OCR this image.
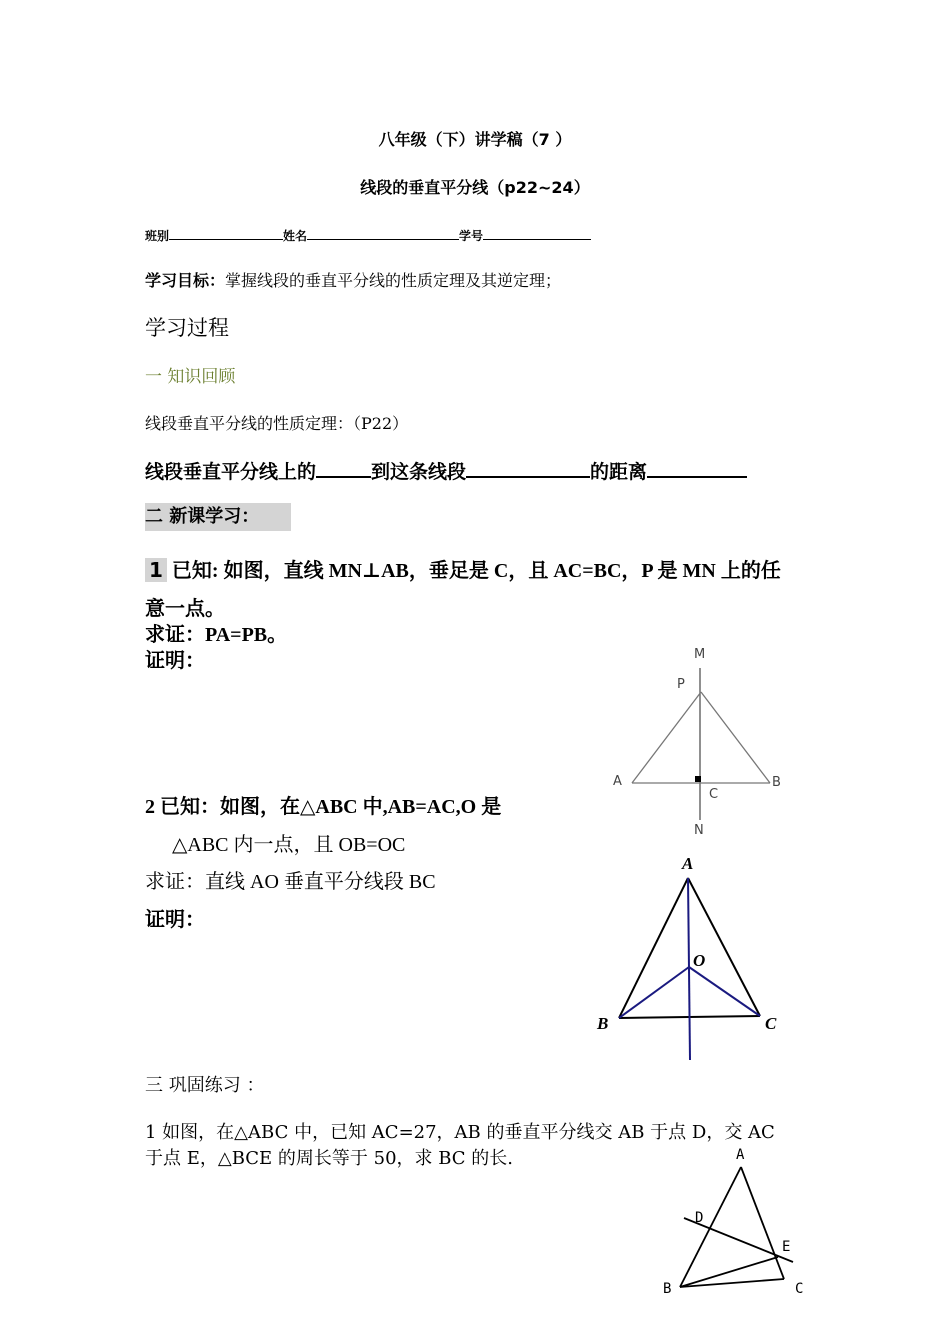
八年级（下）讲学稿（7 ）
线段的垂直平分线（p22~24）
班别	姓名	学号
学习目标：掌握线段的垂直平分线的性质定理及其逆定理；
学习过程
一 知识回顾
线段垂直平分线的性质定理：（P22）
线段垂直平分线上的	到这条线段	的距离
二 新课学习：
1 已知: 如图，直线 MN⊥AB，垂足是 C，且 AC=BC，P 是 MN 上的任
意一点。
求证：PA=PB。
证明：
2 已知：如图，在△ABC 中,AB=AC,O 是
△ABC 内一点，且 OB=OC
求证：直线 AO 垂直平分线段 BC
证明：
三 巩固练习 ：
1 如图，在△ABC 中，已知 AC=27，AB 的垂直平分线交 AB 于点 D，交 AC
于点 E，△BCE 的周长等于 50，求 BC 的长.
M
P
A	B
C
N
A
O
B	C
A
D
E
B	C
